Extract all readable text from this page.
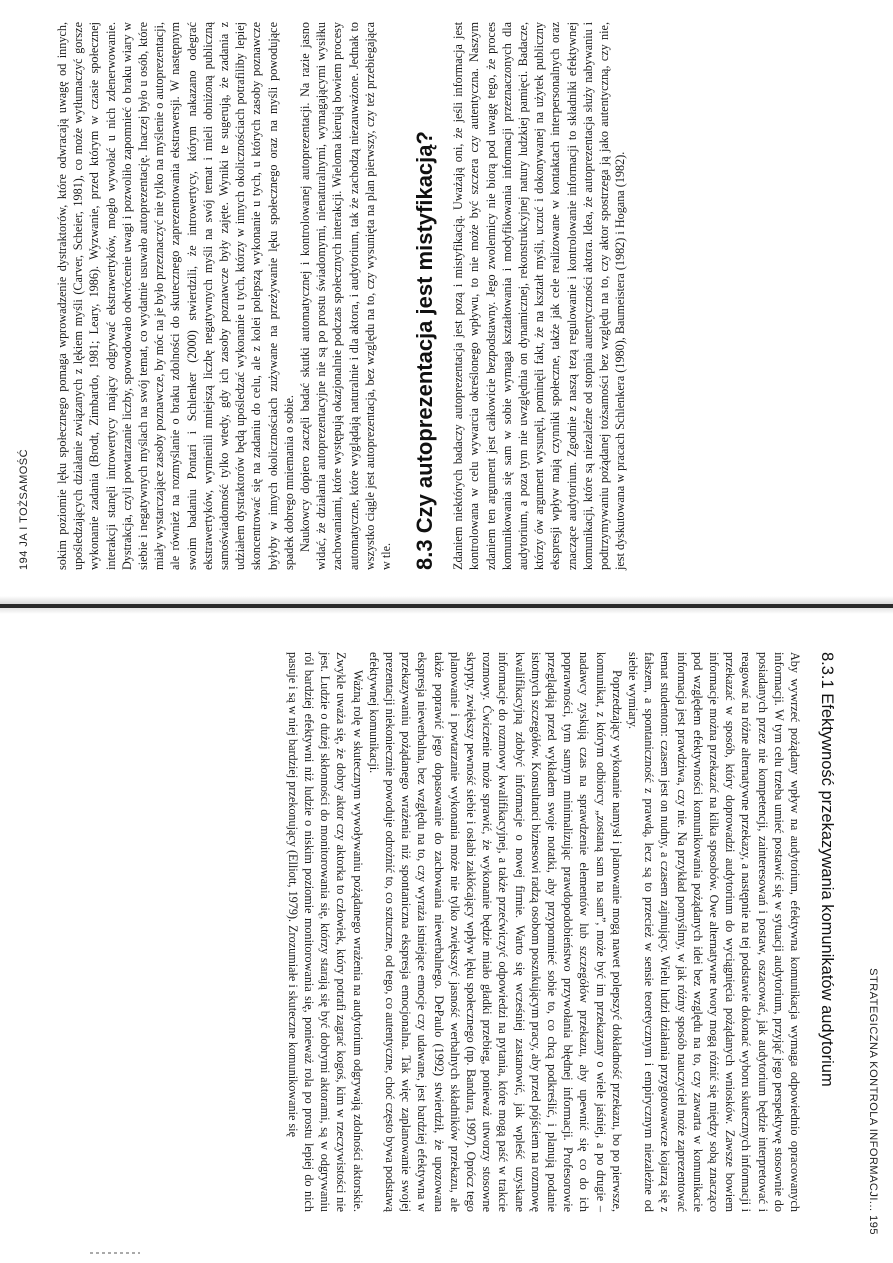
194 JA I TOŻSAMOŚĆ sokim poziomie lęku społecznego pomaga wprowadzenie dystraktorów, które odwracają uwagę od innych, upośledzających działanie związanych z lękiem myśli (Carver, Scheier, 1981), co może wytłumaczyć gorsze wykonanie zadania (Brodt, Zimbardo, 1981; Leary, 1986). Wyzwanie, przed którym w czasie społecznej interakcji stanęli introwertycy mający odgrywać ekstrawertyków, mogło wywołać u nich zdenerwowanie. Dystrakcja, czyli powtarzanie liczby, spowodowało odwrócenie uwagi i pozwoliło zapomnieć o braku wiary w siebie i negatywnych myślach na swój temat, co wydatnie usuwało autoprezentację. Inaczej było u osób, które miały wystarczające zasoby poznawcze, by móc na je było przeznaczyć nie tylko na myślenie o autoprezentacji, ale również na rozmyślanie o braku zdolności do skutecznego zaprezentowania ekstrawersji. W następnym swoim badaniu Pontari i Schlenker (2000) stwierdzili, że introwertycy, którym nakazano odegrać ekstrawertyków, wymienili mniejszą liczbę negatywnych myśli na swój temat i mieli obniżoną publiczną samoświadomość tylko wtedy, gdy ich zasoby poznawcze były zajęte. Wyniki te sugerują, że zadania z udziałem dystraktorów będą upośledzać wykonanie u tych, którzy w innych okolicznościach potrafiliby lepiej skoncentrować się na zadaniu do celu, ale z kolei polepszą wykonanie u tych, u których zasoby poznawcze byłyby w innych okolicznościach zużywane na przeżywanie lęku społecznego oraz na myśli powodujące spadek dobrego mniemania o sobie. Naukowcy dopiero zaczęli badać skutki automatycznej i kontrolowanej autoprezentacji. Na razie jasno widać, że działania autoprezentacyjne nie są po prostu świadomymi, nienaturalnymi, wymagającymi wysiłku zachowaniami, które występują okazjonalnie podczas społecznych interakcji. Wieloma kierują bowiem procesy automatyczne, które wyglądają naturalnie i dla aktora, i audytorium, tak że zachodzą niezauważone. Jednak to wszystko ciągle jest autoprezentacja, bez względu na to, czy wysunięta na plan pierwszy, czy też przebiegająca w tle. 8.3 Czy autoprezentacja jest mistyfikacją? Zdaniem niektórych badaczy autoprezentacja jest pozą i mistyfikacją. Uważają oni, że jeśli informacja jest kontrolowana w celu wywarcia określonego wpływu, to nie może być szczera czy autentyczna. Naszym zdaniem ten argument jest całkowicie bezpodstawny. Jego zwolennicy nie biorą pod uwagę tego, że proces komunikowania się sam w sobie wymaga kształtowania i modyfikowania informacji przeznaczonych dla audytorium, a poza tym nie uwzględnia on dynamicznej, rekonstrukcyjnej natury ludzkiej pamięci. Badacze, którzy ów argument wysunęli, pominęli fakt, że na kształt myśli, uczuć i dokonywanej na użytek publiczny ekspresji wpływ mają czynniki społeczne, także jak cele realizowane w kontaktach interpersonalnych oraz znaczące audytorium. Zgodnie z naszą tezą regulowanie i kontrolowanie informacji to składniki efektywnej komunikacji, które są niezależne od stopnia autentyczności aktora. Idea, że autoprezentacja służy nabywaniu i podtrzymywaniu pożądanej tożsamości bez względu na to, czy aktor spostrzega ją jako autentyczną, czy nie, jest dyskutowana w pracach Schlenkera (1980), Baumeistera (1982) i Hogana (1982).

STRATEGICZNA KONTROLA INFORMACJI... 195
8.3.1 Efektywność przekazywania komunikatów audytorium

Aby wywrzeć pożądany wpływ na audytorium, efektywna komunikacja wymaga odpowiednio opracowanych informacji. W tym celu trzeba umieć postawić się w sytuacji audytorium, przyjąć jego perspektywę stosownie do posiadanych przez nie kompetencji, zainteresowań i postaw, oszacować, jak audytorium będzie interpretować i reagować na różne alternatywne przekazy, a następnie na tej podstawie dokonać wyboru skutecznych informacji i przekazać w sposób, który doprowadzi audytorium do wyciągnięcia pożądanych wniosków. Zawsze bowiem informacje można przekazać na kilka sposobów. Owe alternatywne twory mogą różnić się między sobą znacząco pod względem efektywności komunikowania pożądanych idei bez względu na to, czy zawarta w komunikacie informacja jest prawdziwa, czy nie. Na przykład pomyślmy, w jak różny sposób nauczyciel może zaprezentować temat studentom: czasem jest on nudny, a czasem zajmujący. Wielu ludzi działania przygotowawcze kojarzą się z fałszem, a spontaniczność z prawdą, lecz są to przecież w sensie teoretycznym i empirycznym niezależne od siebie wymiary.

Poprzedzający wykonanie namysł i planowanie mogą nawet polepszyć dokładność przekazu, bo po pierwsze, komunikat, z którym odbiorcy „zostaną sam na sam”, może być im przekazany o wiele jaśniej, a po drugie – nadawcy zyskują czas na sprawdzenie elementów lub szczegółów przekazu, aby upewnić się co do ich poprawności, tym samym minimalizując prawdopodobieństwo przywołania błędnej informacji. Profesorowie przeglądają przed wykładem swoje notatki, aby przypomnieć sobie to, co chcą podkreślić, i planują podanie istotnych szczegółów. Konsultanci biznesowi radzą osobom poszukującym pracy, aby przed pójściem na rozmowę kwalifikacyjną zdobyć informacje o nowej firmie. Warto się wcześniej zastanowić, jak wpleść uzyskane informacje do rozmowy kwalifikacyjnej, a także przećwiczyć odpowiedzi na pytania, które mogą paść w trakcie rozmowy. Ćwiczenie może sprawić, że wykonanie będzie miało gładki przebieg, ponieważ utworzy stosowne skrypty, zwiększy pewność siebie i osłabi zakłócający wpływ lęku społecznego (np. Bandura, 1997). Oprócz tego planowanie i powtarzanie wykonania może nie tylko zwiększyć jasność werbalnych składników przekazu, ale także poprawić jego dopasowanie do zachowania niewerbalnego. DePaulo (1992) stwierdził, że upozowana ekspresja niewerbalna, bez względu na to, czy wyraża istniejące emocje czy udawane, jest bardziej efektywna w przekazywaniu pożądanego wrażenia niż spontaniczna ekspresja emocjonalna. Tak więc zaplanowanie swojej prezentacji niekoniecznie powoduje odrożnić to, co sztuczne, od tego, co autentyczne, choć często bywa podstawą efektywnej komunikacji.

Ważną rolę w skutecznym wywoływaniu pożądanego wrażenia na audytorium odgrywają zdolności aktorskie. Zwykle uważa się, że dobry aktor czy aktorka to człowiek, który potrafi zagrać kogoś, kim w rzeczywistości nie jest. Ludzie o dużej skłonności do monitorowania się, którzy starają się być dobrymi aktorami, są w odgrywaniu ról bardziej efektywni niż ludzie o niskim poziomie monitorowania się, ponieważ rola po prostu lepiej do nich pasuje i są w niej bardziej przekonujący (Elliott, 1979). Zrozumiałe i skuteczne komunikowanie się
